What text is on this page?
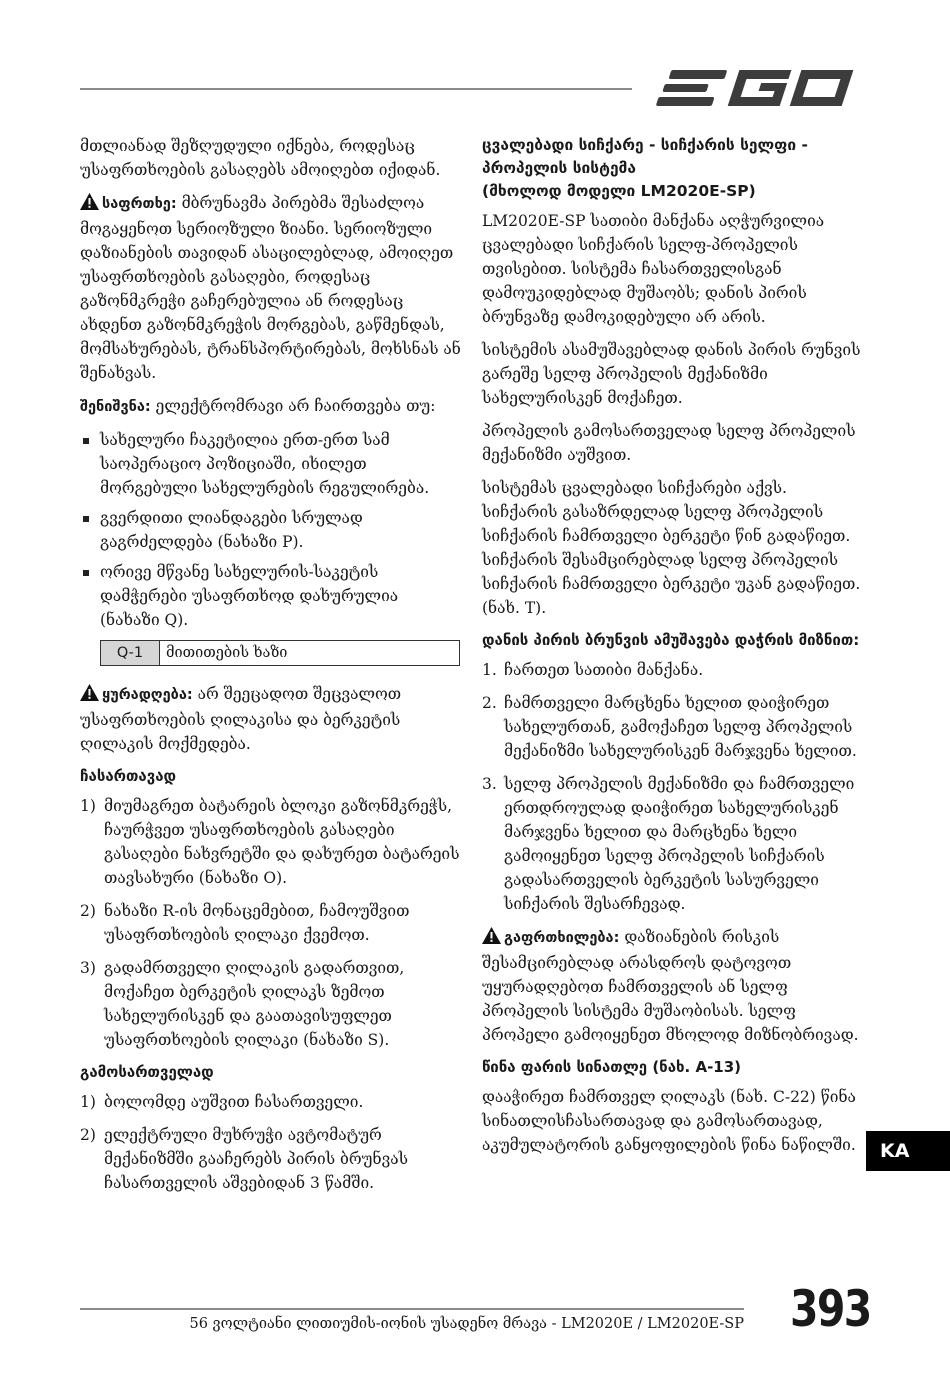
მთლიანად შეზღუდული იქნება, როდესაც უსაფრთხოების გასაღებს ამოიღებთ იქიდან.

საფრთხე: მბრუნავმა პირებმა შესაძლოა მოგაყენოთ სერიოზული ზიანი. სერიოზული დაზიანების თავიდან ასაცილებლად, ამოიღეთ უსაფრთხოების გასაღები, როდესაც გაზონმკრეჭი გაჩერებულია ან როდესაც ახდენთ გაზონმკრეჭის მორგებას, გაწმენდას, მომსახურებას, ტრანსპორტირებას, მოხსნას ან შენახვას.

შენიშვნა: ელექტრომრავი არ ჩაირთვება თუ:

სახელური ჩაკეტილია ერთ-ერთ სამ საოპერაციო პოზიციაში, იხილეთ მორგებული სახელურების რეგულირება.
გვერდითი ლიანდაგები სრულად გაგრძელდება (ნახაზი P).
ორივე მწვანე სახელურის-საკეტის დამჭერები უსაფრთხოდ დახურულია (ნახაზი Q).
Q-1	მითითების ხაზი

ყურადღება: არ შეეცადოთ შეცვალოთ უსაფრთხოების ღილაკისა და ბერკეტის ღილაკის მოქმედება.

ჩასართავად
1) მიუმაგრეთ ბატარეის ბლოკი გაზონმკრეჭს, ჩაურჭვეთ უსაფრთხოების გასაღები გასაღები ნახვრეტში და დახურეთ ბატარეის თავსახური (ნახაზი O).
2) ნახაზი R-ის მონაცემებით, ჩამოუშვით უსაფრთხოების ღილაკი ქვემოთ.
3) გადამრთველი ღილაკის გადართვით, მოქაჩეთ ბერკეტის ღილაკს ზემოთ სახელურისკენ და გაათავისუფლეთ უსაფრთხოების ღილაკი (ნახაზი S).
გამოსართველად
1) ბოლომდე აუშვით ჩასართველი.
2) ელექტრული მუხრუჭი ავტომატურ მექანიზმში გააჩერებს პირის ბრუნვას ჩასართველის აშვებიდან 3 წამში.
ცვალებადი სიჩქარე - სიჩქარის სელფი - პროპელის სისტემა
(მხოლოდ მოდელი LM2020E-SP)

LM2020E-SP სათიბი მანქანა აღჭურვილია ცვალებადი სიჩქარის სელფ-პროპელის თვისებით. სისტემა ჩასართველისგან დამოუკიდებლად მუშაობს; დანის პირის ბრუნვაზე დამოკიდებული არ არის.

სისტემის ასამუშავებლად დანის პირის რუნვის გარეშე სელფ პროპელის მექანიზმი სახელურისკენ მოქაჩეთ.

პროპელის გამოსართველად სელფ პროპელის მექანიზმი აუშვით.

სისტემას ცვალებადი სიჩქარები აქვს. სიჩქარის გასაზრდელად სელფ პროპელის სიჩქარის ჩამრთველი ბერკეტი წინ გადაწიეთ. სიჩქარის შესამცირებლად სელფ პროპელის სიჩქარის ჩამრთველი ბერკეტი უკან გადაწიეთ. (ნახ. T).

დანის პირის ბრუნვის ამუშავება დაჭრის მიზნით:
1. ჩართეთ სათიბი მანქანა.
2. ჩამრთველი მარცხენა ხელით დაიჭირეთ სახელურთან, გამოქაჩეთ სელფ პროპელის მექანიზმი სახელურისკენ მარჯვენა ხელით.
3. სელფ პროპელის მექანიზმი და ჩამრთველი ერთდროულად დაიჭირეთ სახელურისკენ მარჯვენა ხელით და მარცხენა ხელი გამოიყენეთ სელფ პროპელის სიჩქარის გადასართველის ბერკეტის სასურველი სიჩქარის შესარჩევად.

გაფრთხილება: დაზიანების რისკის შესამცირებლად არასდროს დატოვოთ უყურადღებოთ ჩამრთველის ან სელფ პროპელის სისტემა მუშაობისას. სელფ პროპელი გამოიყენეთ მხოლოდ მიზნობრივად.

წინა ფარის სინათლე (ნახ. A-13)

დააჭირეთ ჩამრთველ ღილაკს (ნახ. C-22) წინა სინათლისჩასართავად და გამოსართავად, აკუმულატორის განყოფილების წინა ნაწილში.	KA
56 ვოლტიანი ლითიუმის-იონის უსადენო მრავა - LM2020E / LM2020E-SP 393
